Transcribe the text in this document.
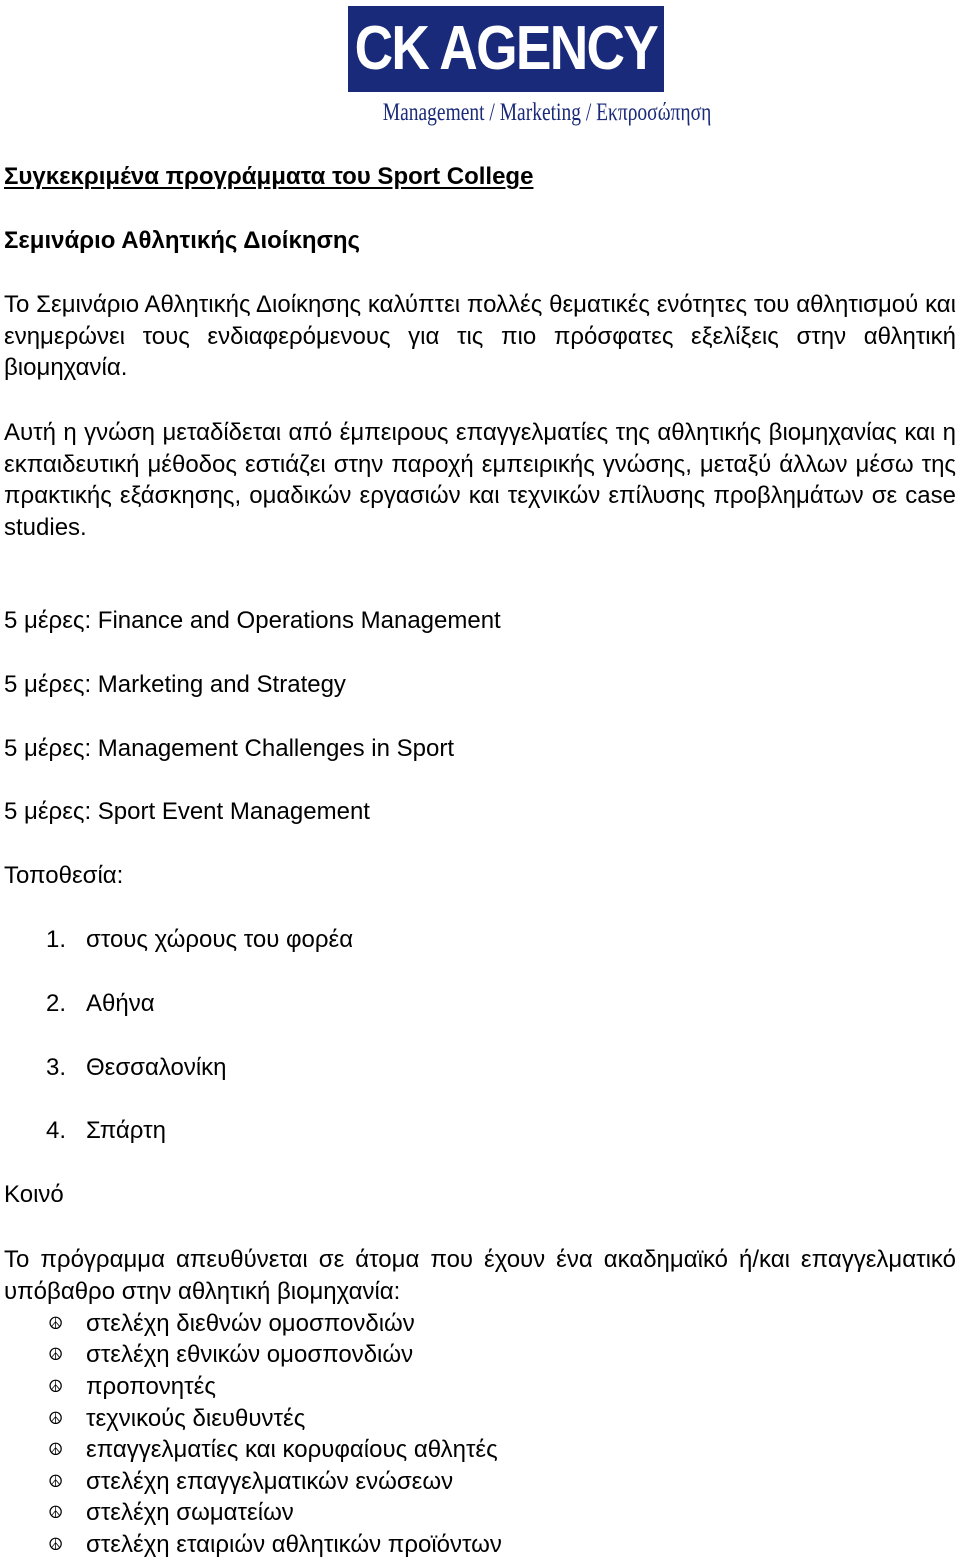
CK AGENCY
Management / Marketing / Εκπροσώπηση
Συγκεκριμένα προγράμματα του Sport College
Σεμινάριο Αθλητικής Διοίκησης
Το Σεμινάριο Αθλητικής Διοίκησης καλύπτει πολλές θεματικές ενότητες του αθλητισμού και ενημερώνει τους ενδιαφερόμενους για τις πιο πρόσφατες εξελίξεις στην αθλητική βιομηχανία.
Αυτή η γνώση μεταδίδεται από έμπειρους επαγγελματίες της αθλητικής βιομηχανίας και η εκπαιδευτική μέθοδος εστιάζει στην παροχή εμπειρικής γνώσης, μεταξύ άλλων μέσω της πρακτικής εξάσκησης, ομαδικών εργασιών και τεχνικών επίλυσης προβλημάτων σε case studies.
5 μέρες: Finance and Operations Management
5 μέρες: Marketing and Strategy
5 μέρες: Management Challenges in Sport
5 μέρες: Sport Event Management
Τοποθεσία:
1. στους χώρους του φορέα
2. Αθήνα
3. Θεσσαλονίκη
4. Σπάρτη
Κοινό
Το πρόγραμμα απευθύνεται σε άτομα που έχουν ένα ακαδημαϊκό ή/και επαγγελματικό υπόβαθρο στην αθλητική βιομηχανία:
☮ στελέχη διεθνών ομοσπονδιών
☮ στελέχη εθνικών ομοσπονδιών
☮ προπονητές
☮ τεχνικούς διευθυντές
☮ επαγγελματίες και κορυφαίους αθλητές
☮ στελέχη επαγγελματικών ενώσεων
☮ στελέχη σωματείων
☮ στελέχη εταιριών αθλητικών προϊόντων
